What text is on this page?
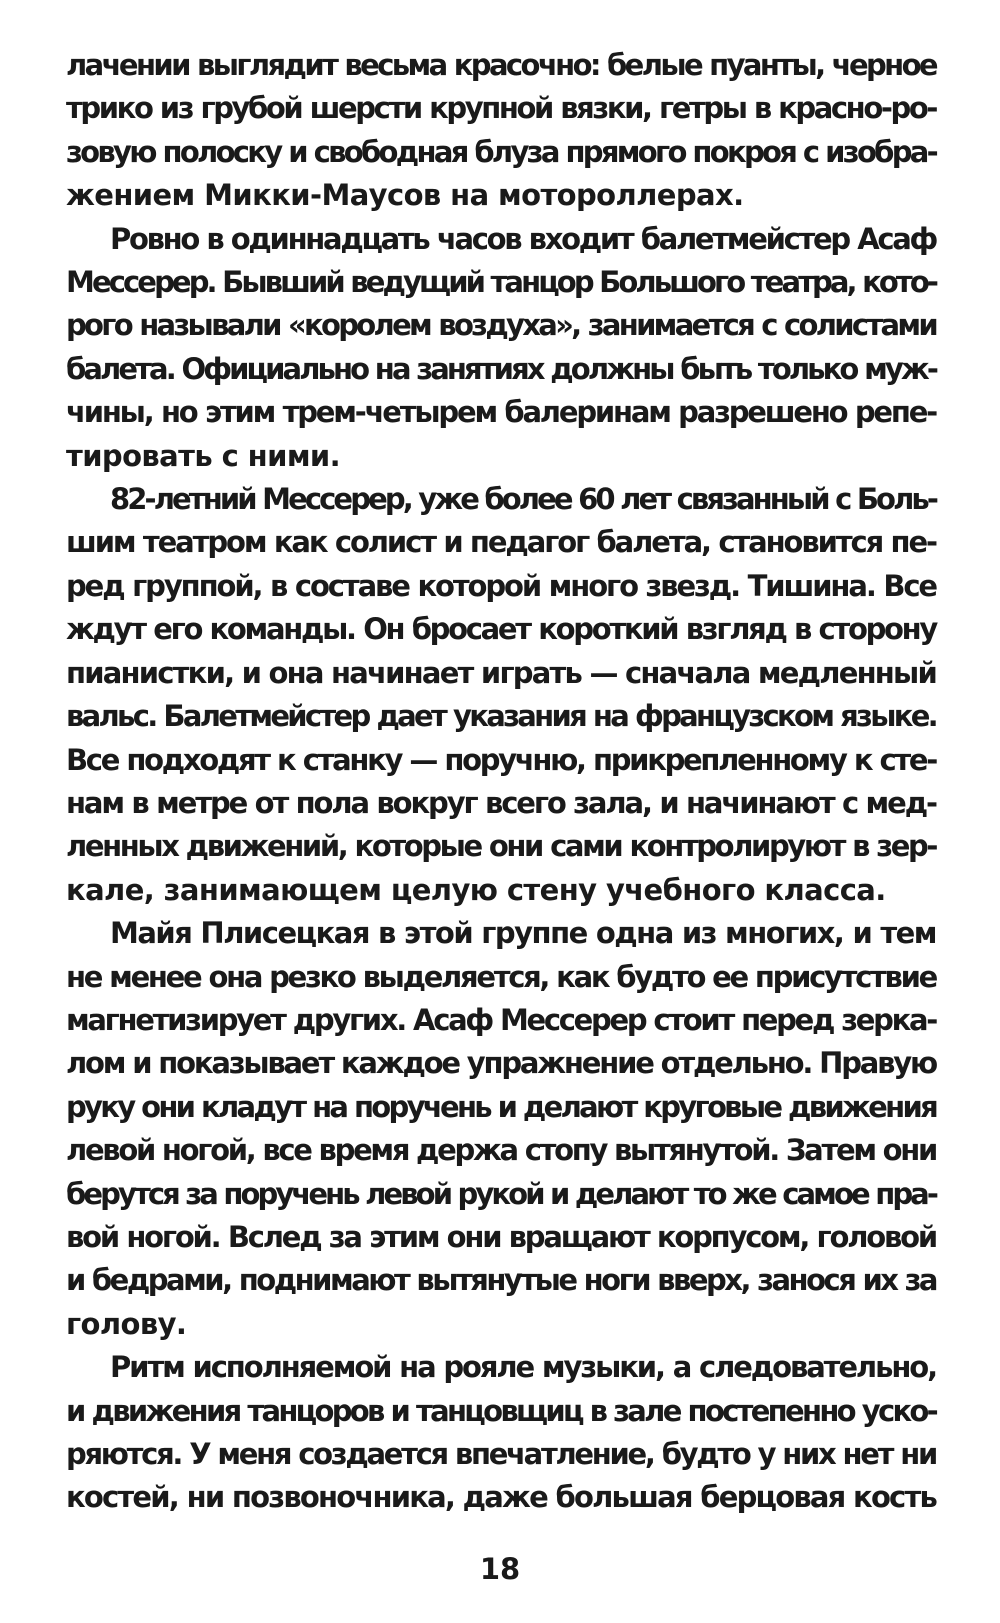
лачении выглядит весьма красочно: белые пуанты, черное
трико из грубой шерсти крупной вязки, гетры в красно-ро-
зовую полоску и свободная блуза прямого покроя с изобра-
жением Микки-Маусов на мотороллерах.
Ровно в одиннадцать часов входит балетмейстер Асаф
Мессерер. Бывший ведущий танцор Большого театра, кото-
рого называли «королем воздуха», занимается с солистами
балета. Официально на занятиях должны быть только муж-
чины, но этим трем-четырем балеринам разрешено репе-
тировать с ними.
82-летний Мессерер, уже более 60 лет связанный с Боль-
шим театром как солист и педагог балета, становится пе-
ред группой, в составе которой много звезд. Тишина. Все
ждут его команды. Он бросает короткий взгляд в сторону
пианистки, и она начинает играть — сначала медленный
вальс. Балетмейстер дает указания на французском языке.
Все подходят к станку — поручню, прикрепленному к сте-
нам в метре от пола вокруг всего зала, и начинают с мед-
ленных движений, которые они сами контролируют в зер-
кале, занимающем целую стену учебного класса.
Майя Плисецкая в этой группе одна из многих, и тем
не менее она резко выделяется, как будто ее присутствие
магнетизирует других. Асаф Мессерер стоит перед зерка-
лом и показывает каждое упражнение отдельно. Правую
руку они кладут на поручень и делают круговые движения
левой ногой, все время держа стопу вытянутой. Затем они
берутся за поручень левой рукой и делают то же самое пра-
вой ногой. Вслед за этим они вращают корпусом, головой
и бедрами, поднимают вытянутые ноги вверх, занося их за
голову.
Ритм исполняемой на рояле музыки, а следовательно,
и движения танцоров и танцовщиц в зале постепенно уско-
ряются. У меня создается впечатление, будто у них нет ни
костей, ни позвоночника, даже большая берцовая кость
18
